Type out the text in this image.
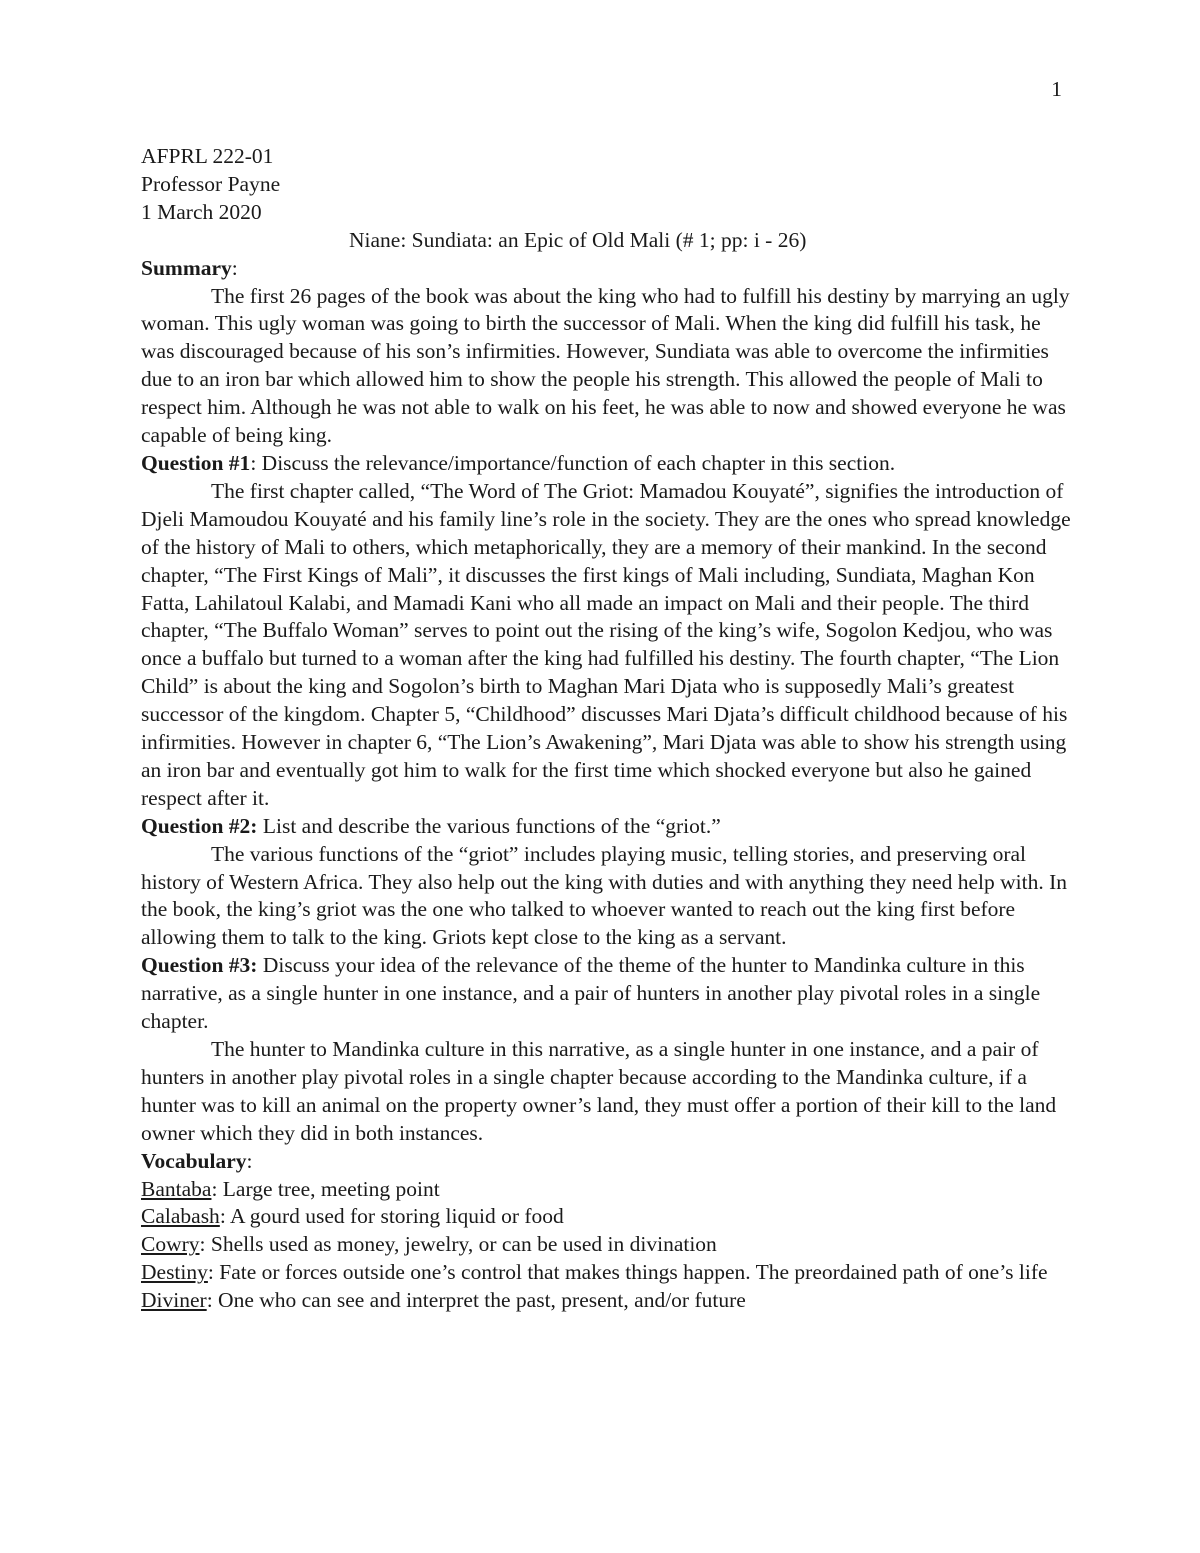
1

AFPRL 222-01

Professor Payne

1 March 2020

Niane: Sundiata: an Epic of Old Mali (# 1; pp: i - 26)

Summary:

The first 26 pages of the book was about the king who had to fulfill his destiny by marrying an ugly woman. This ugly woman was going to birth the successor of Mali. When the king did fulfill his task, he was discouraged because of his son’s infirmities. However, Sundiata was able to overcome the infirmities due to an iron bar which allowed him to show the people his strength. This allowed the people of Mali to respect him. Although he was not able to walk on his feet, he was able to now and showed everyone he was capable of being king.

Question #1: Discuss the relevance/importance/function of each chapter in this section.

The first chapter called, “The Word of The Griot: Mamadou Kouyaté”, signifies the introduction of Djeli Mamoudou Kouyaté and his family line’s role in the society. They are the ones who spread knowledge of the history of Mali to others, which metaphorically, they are a memory of their mankind. In the second chapter, “The First Kings of Mali”, it discusses the first kings of Mali including, Sundiata, Maghan Kon Fatta, Lahilatoul Kalabi, and Mamadi Kani who all made an impact on Mali and their people. The third chapter, “The Buffalo Woman” serves to point out the rising of the king’s wife, Sogolon Kedjou, who was once a buffalo but turned to a woman after the king had fulfilled his destiny. The fourth chapter, “The Lion Child” is about the king and Sogolon’s birth to Maghan Mari Djata who is supposedly Mali’s greatest successor of the kingdom. Chapter 5, “Childhood” discusses Mari Djata’s difficult childhood because of his infirmities. However in chapter 6, “The Lion’s Awakening”, Mari Djata was able to show his strength using an iron bar and eventually got him to walk for the first time which shocked everyone but also he gained respect after it.

Question #2: List and describe the various functions of the “griot.”

The various functions of the “griot” includes playing music, telling stories, and preserving oral history of Western Africa. They also help out the king with duties and with anything they need help with. In the book, the king’s griot was the one who talked to whoever wanted to reach out the king first before allowing them to talk to the king. Griots kept close to the king as a servant.

Question #3: Discuss your idea of the relevance of the theme of the hunter to Mandinka culture in this narrative, as a single hunter in one instance, and a pair of hunters in another play pivotal roles in a single chapter.

The hunter to Mandinka culture in this narrative, as a single hunter in one instance, and a pair of hunters in another play pivotal roles in a single chapter because according to the Mandinka culture, if a hunter was to kill an animal on the property owner’s land, they must offer a portion of their kill to the land owner which they did in both instances.

Vocabulary:

Bantaba: Large tree, meeting point

Calabash: A gourd used for storing liquid or food

Cowry: Shells used as money, jewelry, or can be used in divination

Destiny: Fate or forces outside one’s control that makes things happen. The preordained path of one’s life

Diviner: One who can see and interpret the past, present, and/or future
